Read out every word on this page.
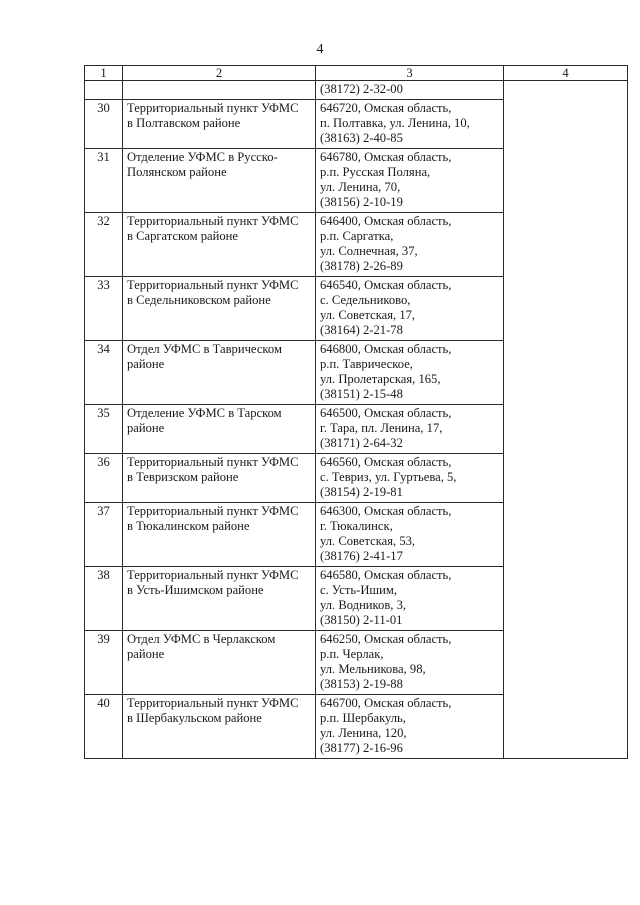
4
1	2	3	4

		(38172) 2-32-00	

30	Территориальный пункт УФМС
в Полтавском районе	646720, Омская область,
п. Полтавка, ул. Ленина, 10,
(38163) 2-40-85	

31	Отделение УФМС в Русско-
Полянском районе	646780, Омская область,
р.п. Русская Поляна,
ул. Ленина, 70,
(38156) 2-10-19	

32	Территориальный пункт УФМС
в Саргатском районе	646400, Омская область,
р.п. Саргатка,
ул. Солнечная, 37,
(38178) 2-26-89	

33	Территориальный пункт УФМС
в Седельниковском районе	646540, Омская область,
с. Седельниково,
ул. Советская, 17,
(38164) 2-21-78	

34	Отдел УФМС в Таврическом
районе	646800, Омская область,
р.п. Таврическое,
ул. Пролетарская, 165,
(38151) 2-15-48	

35	Отделение УФМС в Тарском
районе	646500, Омская область,
г. Тара, пл. Ленина, 17,
(38171) 2-64-32	

36	Территориальный пункт УФМС
в Тевризском районе	646560, Омская область,
с. Тевриз, ул. Гуртьева, 5,
(38154) 2-19-81	

37	Территориальный пункт УФМС
в Тюкалинском районе	646300, Омская область,
г. Тюкалинск,
ул. Советская, 53,
(38176) 2-41-17	

38	Территориальный пункт УФМС
в Усть-Ишимском районе	646580, Омская область,
с. Усть-Ишим,
ул. Водников, 3,
(38150) 2-11-01	

39	Отдел УФМС в Черлакском
районе	646250, Омская область,
р.п. Черлак,
ул. Мельникова, 98,
(38153) 2-19-88	

40	Территориальный пункт УФМС
в Шербакульском районе	646700, Омская область,
р.п. Шербакуль,
ул. Ленина, 120,
(38177) 2-16-96	
